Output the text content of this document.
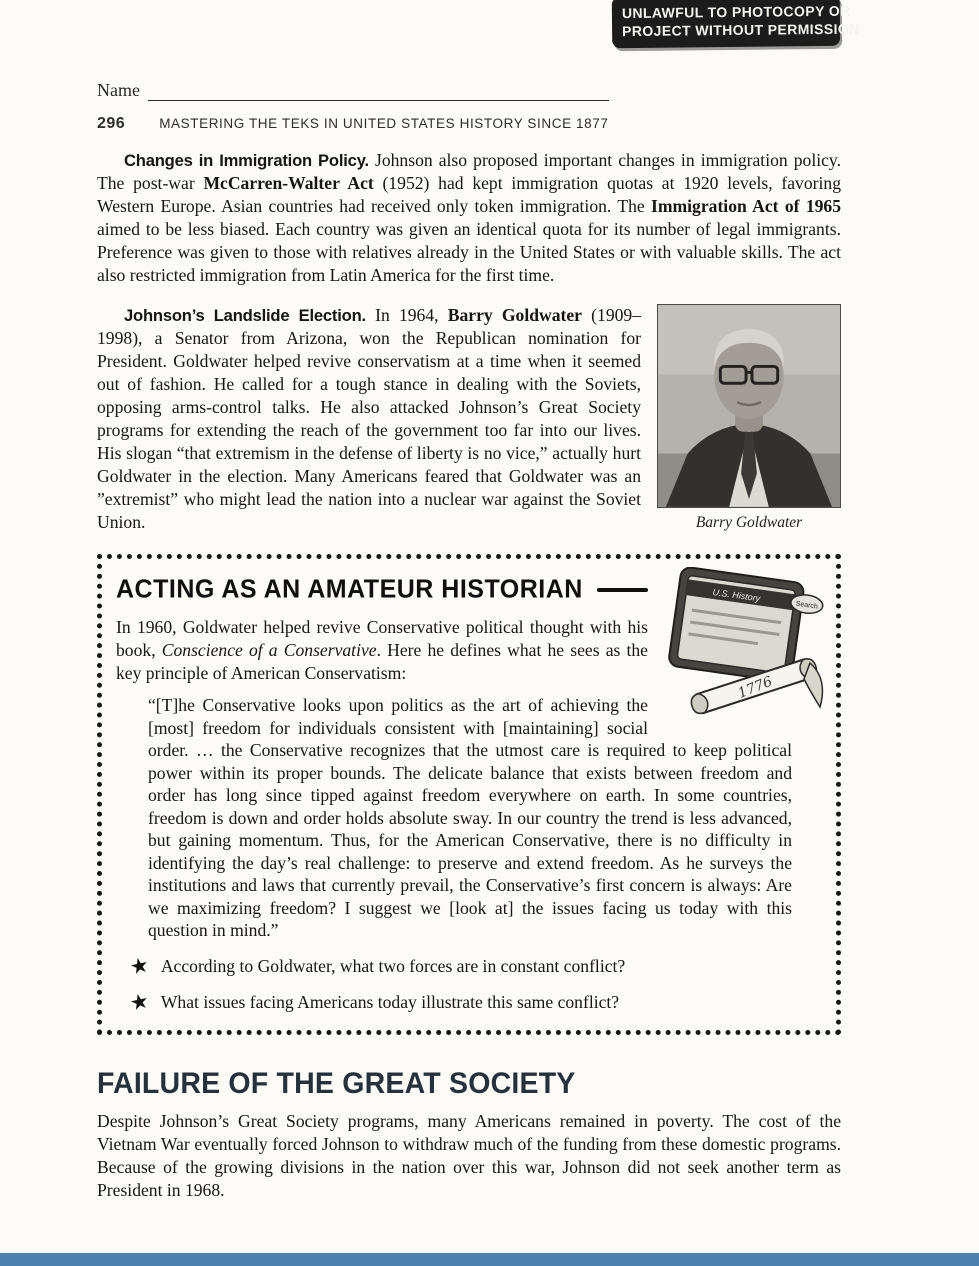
Name
UNLAWFUL TO PHOTOCOPY OR
PROJECT WITHOUT PERMISSION
296	MASTERING THE TEKS IN UNITED STATES HISTORY SINCE 1877

Changes in Immigration Policy. Johnson also proposed important changes in immigration policy. The post-war McCarren-Walter Act (1952) had kept immigration quotas at 1920 levels, favoring Western Europe. Asian countries had received only token immigration. The Immigration Act of 1965 aimed to be less biased. Each country was given an identical quota for its number of legal immigrants. Preference was given to those with relatives already in the United States or with valuable skills. The act also restricted immigration from Latin America for the first time.

Barry Goldwater

Johnson’s Landslide Election. In 1964, Barry Goldwater (1909–1998), a Senator from Arizona, won the Republican nomination for President. Goldwater helped revive conservatism at a time when it seemed out of fashion. He called for a tough stance in dealing with the Soviets, opposing arms-control talks. He also attacked Johnson’s Great Society programs for extending the reach of the government too far into our lives. His slogan “that extremism in the defense of liberty is no vice,” actually hurt Goldwater in the election. Many Americans feared that Goldwater was an ”extremist” who might lead the nation into a nuclear war against the Soviet Union.

U.S. History
Search
1776
ACTING AS AN AMATEUR HISTORIAN

In 1960, Goldwater helped revive Conservative political thought with his book, Conscience of a Conservative. Here he defines what he sees as the key principle of American Conservatism:

“[T]he Conservative looks upon politics as the art of achieving the [most] freedom for individuals consistent with [maintaining] social order. … the Conservative recognizes that the utmost care is required to keep political power within its proper bounds. The delicate balance that exists between freedom and order has long since tipped against freedom everywhere on earth. In some countries, freedom is down and order holds absolute sway. In our country the trend is less advanced, but gaining momentum. Thus, for the American Conservative, there is no difficulty in identifying the day’s real challenge: to preserve and extend freedom. As he surveys the institutions and laws that currently prevail, the Conservative’s first concern is always: Are we maximizing freedom? I suggest we [look at] the issues facing us today with this question in mind.”

★ According to Goldwater, what two forces are in constant conflict?
★ What issues facing Americans today illustrate this same conflict?
FAILURE OF THE GREAT SOCIETY

Despite Johnson’s Great Society programs, many Americans remained in poverty. The cost of the Vietnam War eventually forced Johnson to withdraw much of the funding from these domestic programs. Because of the growing divisions in the nation over this war, Johnson did not seek another term as President in 1968.
